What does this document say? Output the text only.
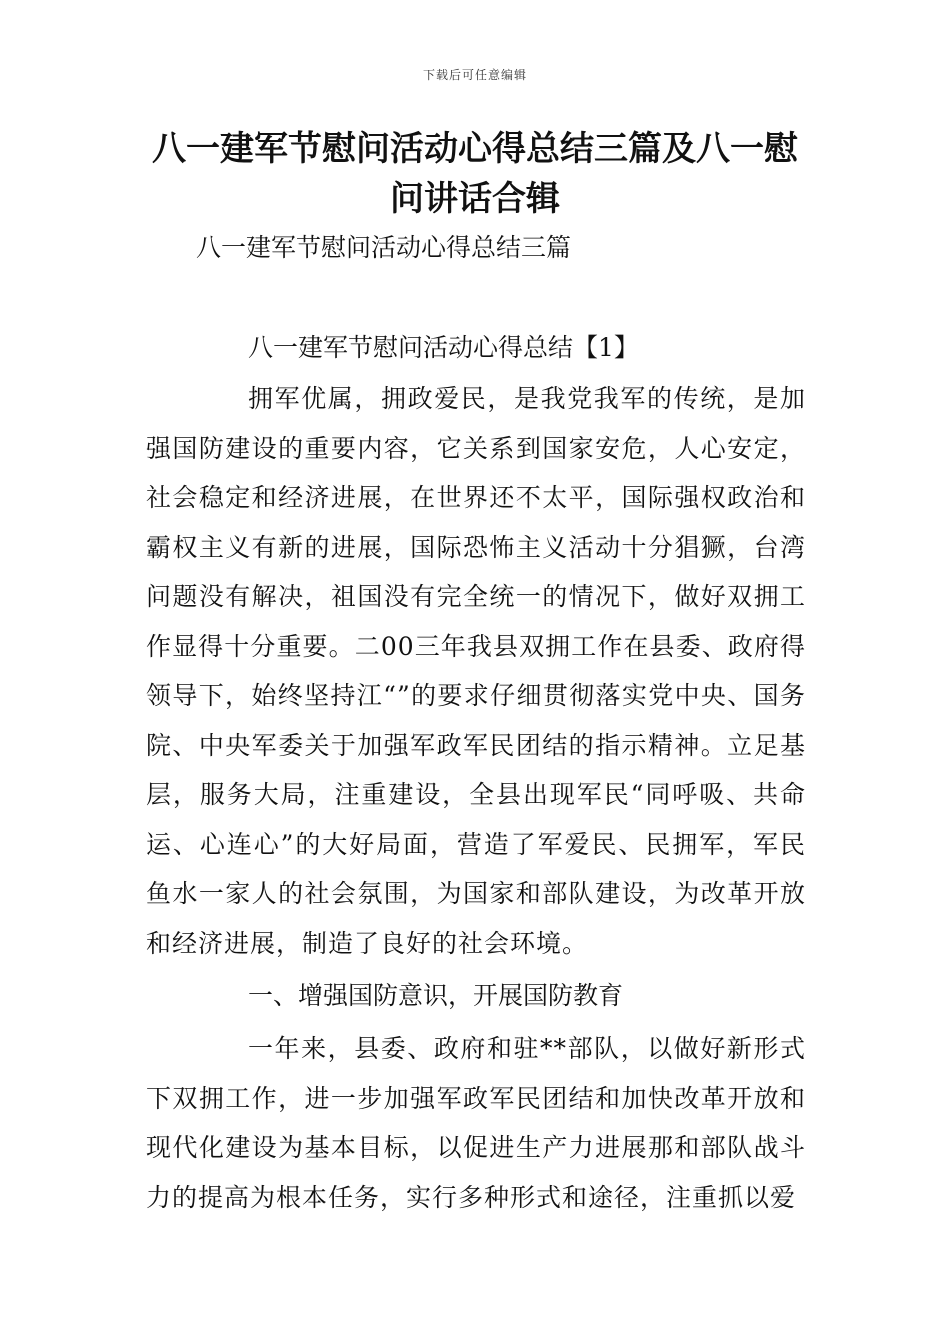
下载后可任意编辑
八一建军节慰问活动心得总结三篇及八一慰问讲话合辑
八一建军节慰问活动心得总结三篇
八一建军节慰问活动心得总结【1】

拥军优属，拥政爱民，是我党我军的传统，是加强国防建设的重要内容，它关系到国家安危，人心安定，社会稳定和经济进展，在世界还不太平，国际强权政治和霸权主义有新的进展，国际恐怖主义活动十分猖獗，台湾问题没有解决，祖国没有完全统一的情况下，做好双拥工作显得十分重要。二00三年我县双拥工作在县委、政府得领导下，始终坚持江“”的要求仔细贯彻落实党中央、国务院、中央军委关于加强军政军民团结的指示精神。立足基层，服务大局，注重建设，全县出现军民“同呼吸、共命运、心连心”的大好局面，营造了军爱民、民拥军，军民鱼水一家人的社会氛围，为国家和部队建设，为改革开放和经济进展，制造了良好的社会环境。

一、增强国防意识，开展国防教育

一年来，县委、政府和驻**部队，以做好新形式下双拥工作，进一步加强军政军民团结和加快改革开放和现代化建设为基本目标，以促进生产力进展那和部队战斗力的提高为根本任务，实行多种形式和途径，注重抓以爱
